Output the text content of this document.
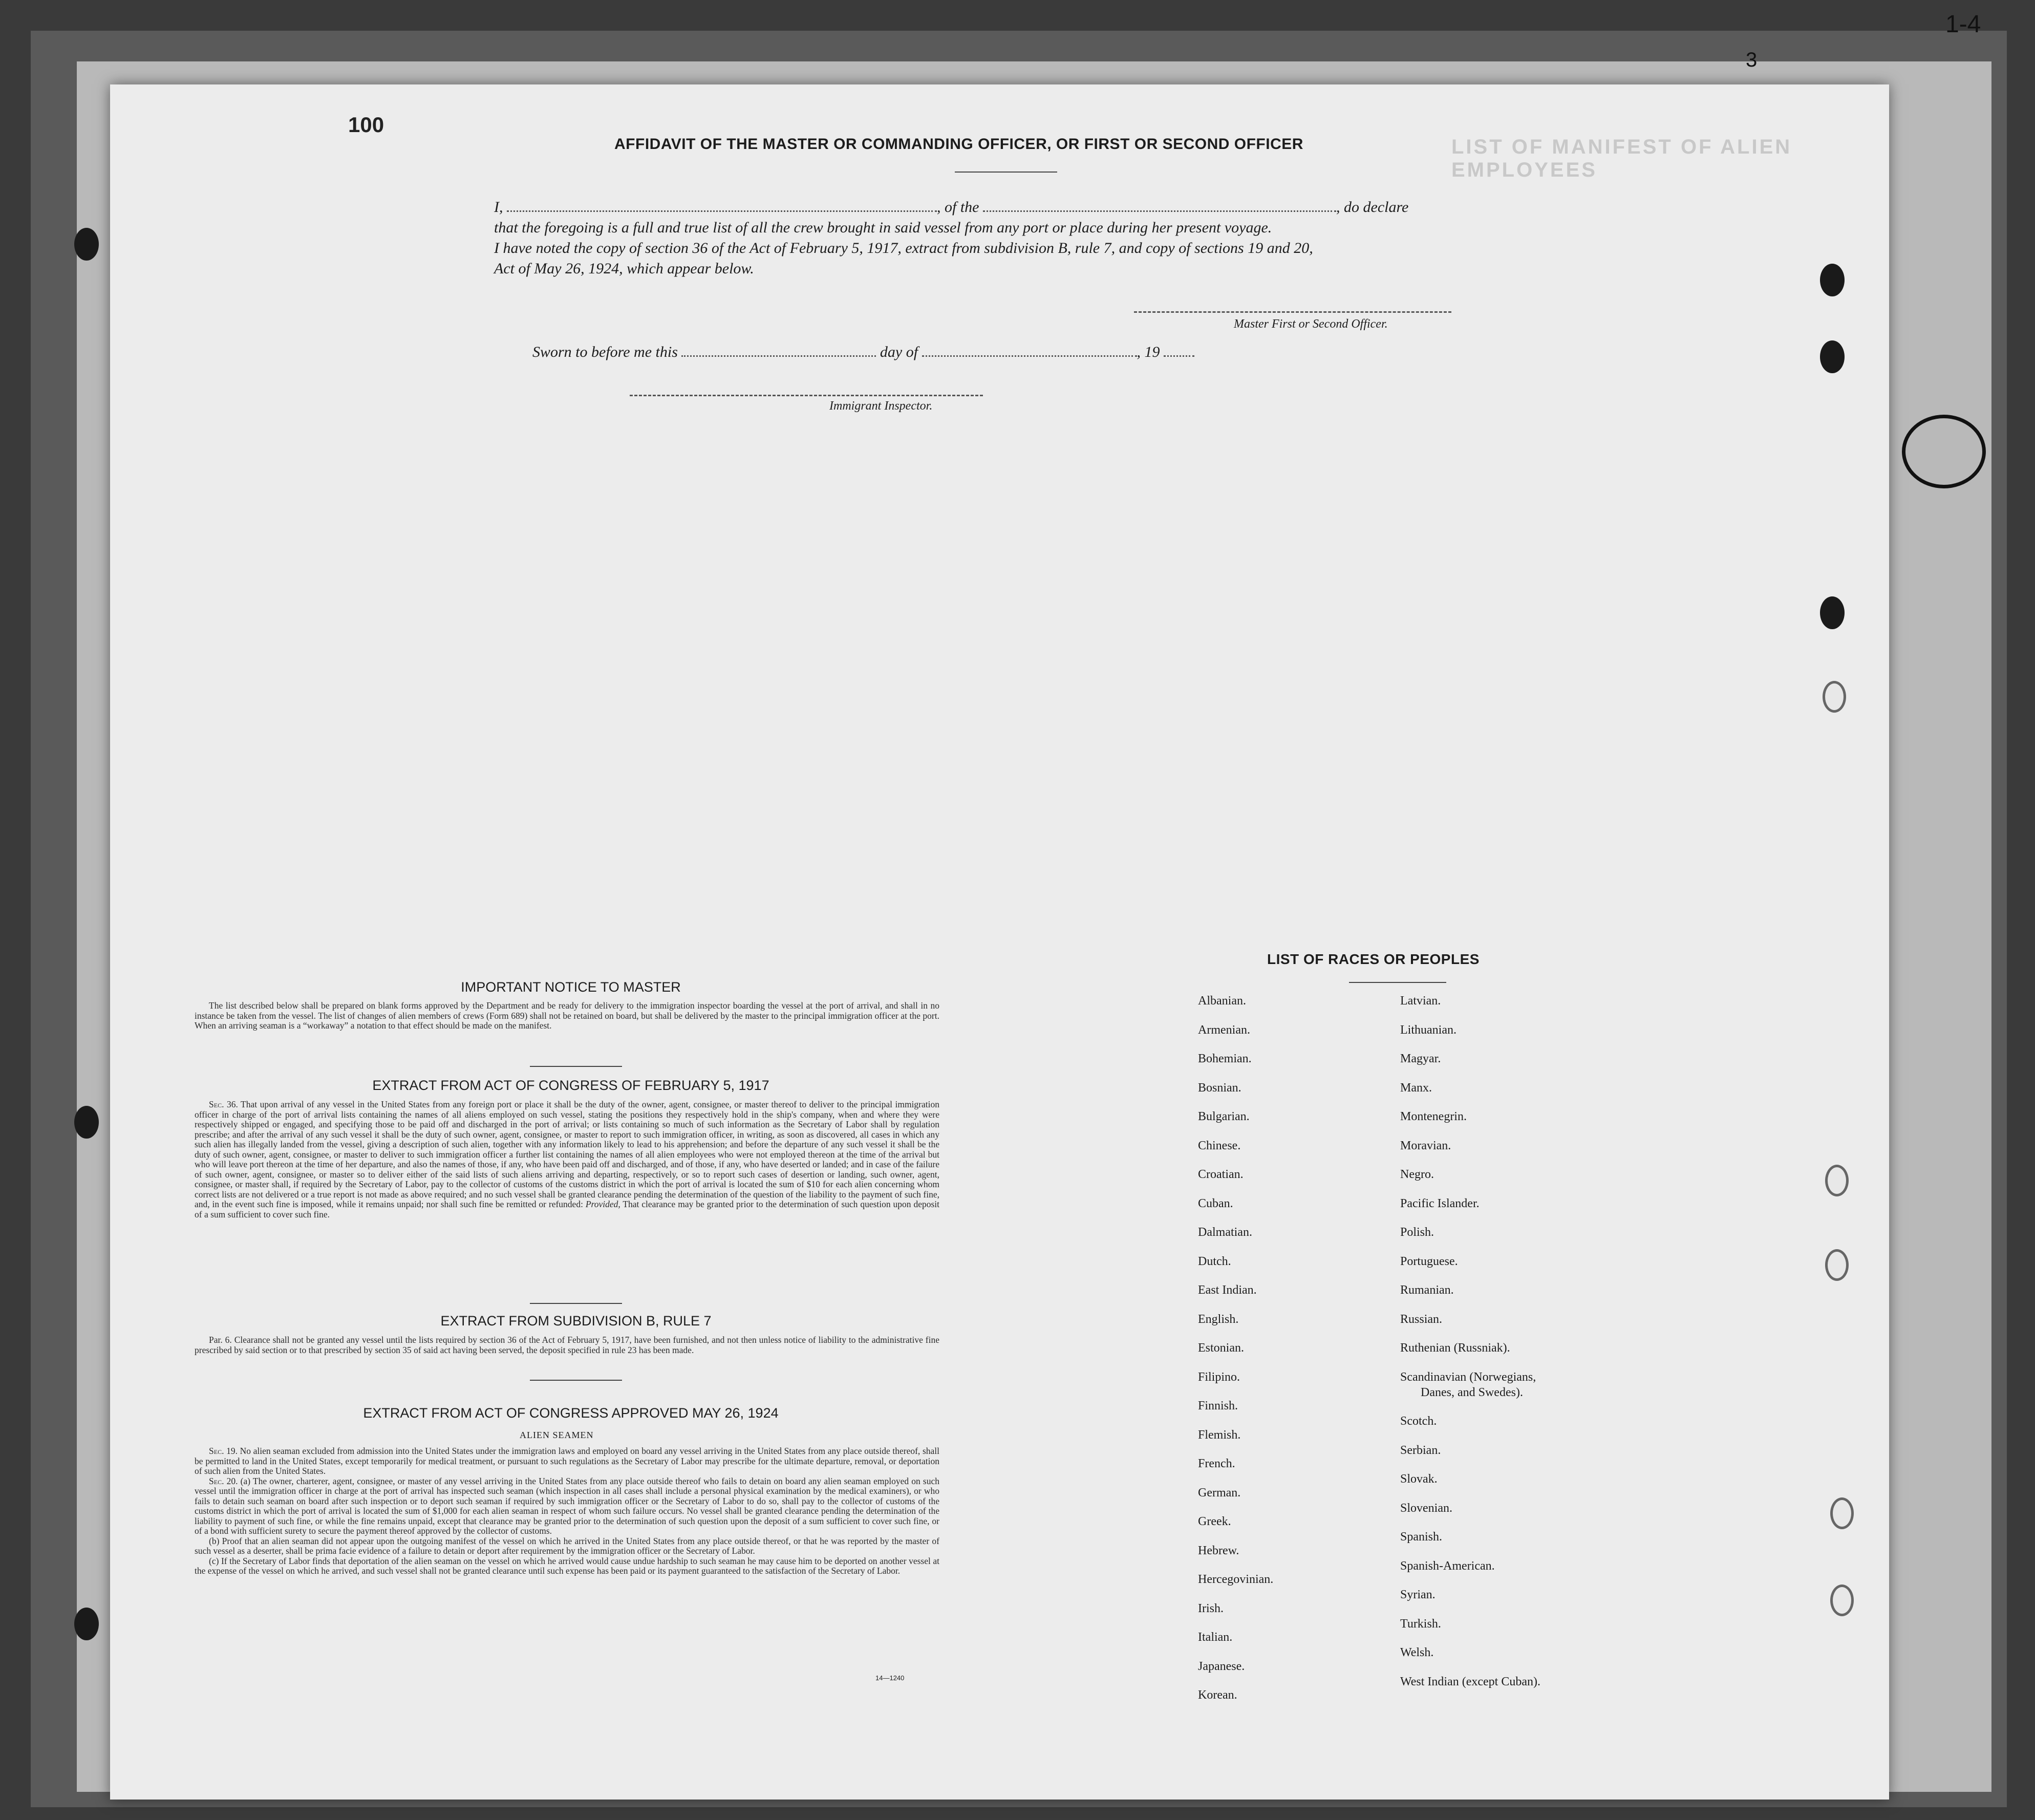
1-4
3
LIST OF MANIFEST OF ALIEN EMPLOYEES
100
AFFIDAVIT OF THE MASTER OR COMMANDING OFFICER, OR FIRST OR SECOND OFFICER
I,	, of the	, do declare
that the foregoing is a full and true list of all the crew brought in said vessel from any port or place during her present voyage.
I have noted the copy of section 36 of the Act of February 5, 1917, extract from subdivision B, rule 7, and copy of sections 19 and 20,
Act of May 26, 1924, which appear below.
Master First or Second Officer.
Sworn to before me this	day of	, 19
Immigrant Inspector.
IMPORTANT NOTICE TO MASTER

The list described below shall be prepared on blank forms approved by the Department and be ready for delivery to the immigration inspector boarding the vessel at the port of arrival, and shall in no instance be taken from the vessel. The list of changes of alien members of crews (Form 689) shall not be retained on board, but shall be delivered by the master to the principal immigration officer at the port. When an arriving seaman is a “workaway” a notation to that effect should be made on the manifest.

EXTRACT FROM ACT OF CONGRESS OF FEBRUARY 5, 1917

Sec. 36. That upon arrival of any vessel in the United States from any foreign port or place it shall be the duty of the owner, agent, consignee, or master thereof to deliver to the principal immigration officer in charge of the port of arrival lists containing the names of all aliens employed on such vessel, stating the positions they respectively hold in the ship's company, when and where they were respectively shipped or engaged, and specifying those to be paid off and discharged in the port of arrival; or lists containing so much of such information as the Secretary of Labor shall by regulation prescribe; and after the arrival of any such vessel it shall be the duty of such owner, agent, consignee, or master to report to such immigration officer, in writing, as soon as discovered, all cases in which any such alien has illegally landed from the vessel, giving a description of such alien, together with any information likely to lead to his apprehension; and before the departure of any such vessel it shall be the duty of such owner, agent, consignee, or master to deliver to such immigration officer a further list containing the names of all alien employees who were not employed thereon at the time of the arrival but who will leave port thereon at the time of her departure, and also the names of those, if any, who have been paid off and discharged, and of those, if any, who have deserted or landed; and in case of the failure of such owner, agent, consignee, or master so to deliver either of the said lists of such aliens arriving and departing, respectively, or so to report such cases of desertion or landing, such owner, agent, consignee, or master shall, if required by the Secretary of Labor, pay to the collector of customs of the customs district in which the port of arrival is located the sum of $10 for each alien concerning whom correct lists are not delivered or a true report is not made as above required; and no such vessel shall be granted clearance pending the determination of the question of the liability to the payment of such fine, and, in the event such fine is imposed, while it remains unpaid; nor shall such fine be remitted or refunded: Provided, That clearance may be granted prior to the determination of such question upon deposit of a sum sufficient to cover such fine.

EXTRACT FROM SUBDIVISION B, RULE 7

Par. 6. Clearance shall not be granted any vessel until the lists required by section 36 of the Act of February 5, 1917, have been furnished, and not then unless notice of liability to the administrative fine prescribed by said section or to that prescribed by section 35 of said act having been served, the deposit specified in rule 23 has been made.

EXTRACT FROM ACT OF CONGRESS APPROVED MAY 26, 1924
ALIEN SEAMEN

Sec. 19. No alien seaman excluded from admission into the United States under the immigration laws and employed on board any vessel arriving in the United States from any place outside thereof, shall be permitted to land in the United States, except temporarily for medical treatment, or pursuant to such regulations as the Secretary of Labor may prescribe for the ultimate departure, removal, or deportation of such alien from the United States.

Sec. 20. (a) The owner, charterer, agent, consignee, or master of any vessel arriving in the United States from any place outside thereof who fails to detain on board any alien seaman employed on such vessel until the immigration officer in charge at the port of arrival has inspected such seaman (which inspection in all cases shall include a personal physical examination by the medical examiners), or who fails to detain such seaman on board after such inspection or to deport such seaman if required by such immigration officer or the Secretary of Labor to do so, shall pay to the collector of customs of the customs district in which the port of arrival is located the sum of $1,000 for each alien seaman in respect of whom such failure occurs. No vessel shall be granted clearance pending the determination of the liability to payment of such fine, or while the fine remains unpaid, except that clearance may be granted prior to the determination of such question upon the deposit of a sum sufficient to cover such fine, or of a bond with sufficient surety to secure the payment thereof approved by the collector of customs.

(b) Proof that an alien seaman did not appear upon the outgoing manifest of the vessel on which he arrived in the United States from any place outside thereof, or that he was reported by the master of such vessel as a deserter, shall be prima facie evidence of a failure to detain or deport after requirement by the immigration officer or the Secretary of Labor.

(c) If the Secretary of Labor finds that deportation of the alien seaman on the vessel on which he arrived would cause undue hardship to such seaman he may cause him to be deported on another vessel at the expense of the vessel on which he arrived, and such vessel shall not be granted clearance until such expense has been paid or its payment guaranteed to the satisfaction of the Secretary of Labor.

14—1240
LIST OF RACES OR PEOPLES
Albanian.
Armenian.
Bohemian.
Bosnian.
Bulgarian.
Chinese.
Croatian.
Cuban.
Dalmatian.
Dutch.
East Indian.
English.
Estonian.
Filipino.
Finnish.
Flemish.
French.
German.
Greek.
Hebrew.
Hercegovinian.
Irish.
Italian.
Japanese.
Korean.
Latvian.
Lithuanian.
Magyar.
Manx.
Montenegrin.
Moravian.
Negro.
Pacific Islander.
Polish.
Portuguese.
Rumanian.
Russian.
Ruthenian (Russniak).
Scandinavian (Norwegians,
Danes, and Swedes).
Scotch.
Serbian.
Slovak.
Slovenian.
Spanish.
Spanish-American.
Syrian.
Turkish.
Welsh.
West Indian (except Cuban).
